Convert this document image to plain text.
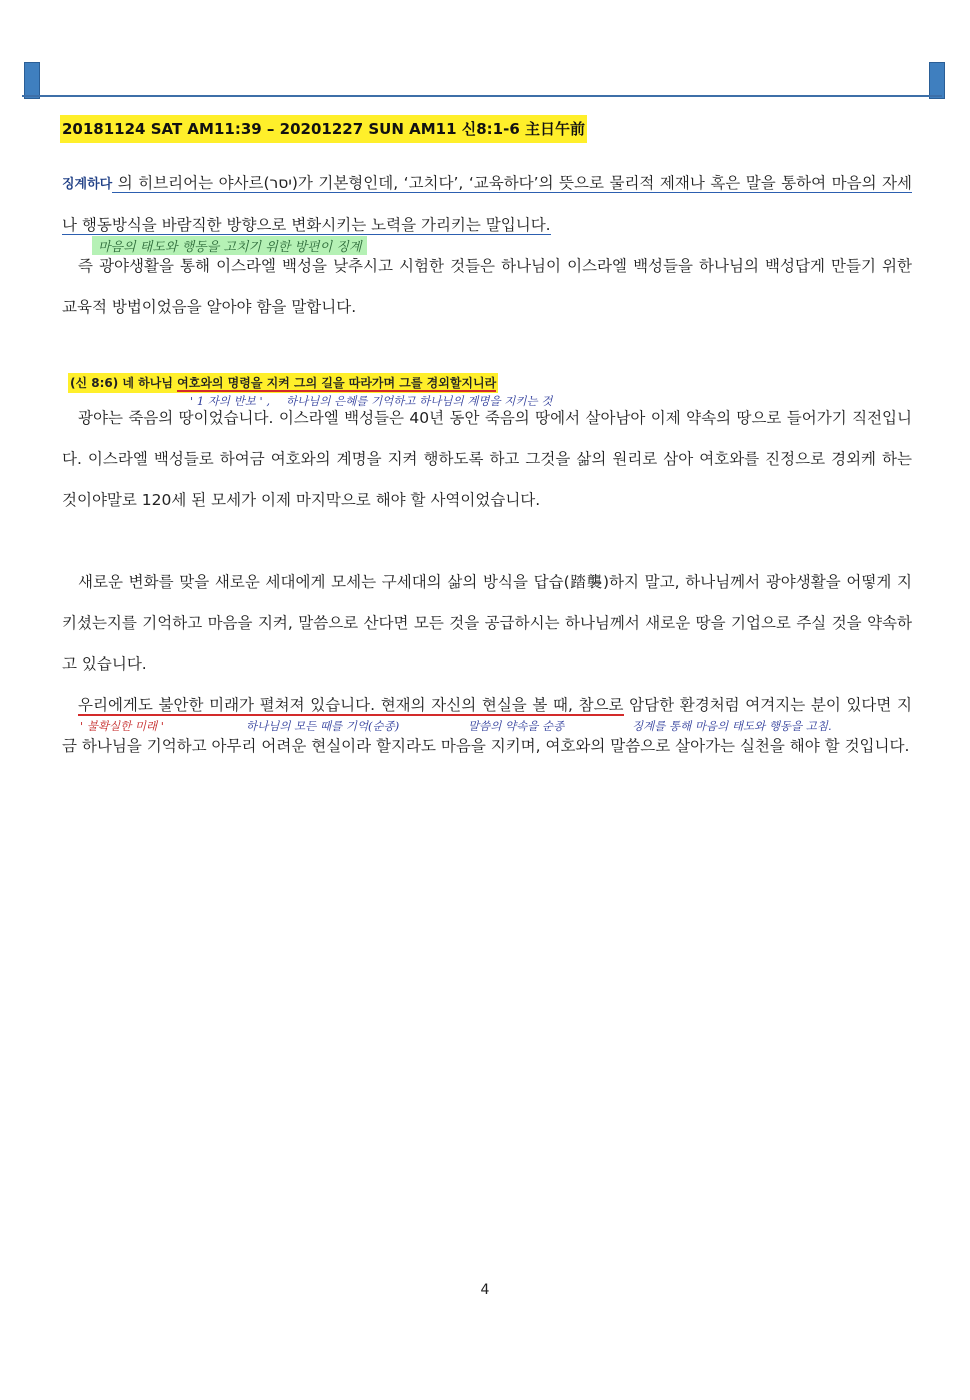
20181124 SAT AM11:39 – 20201227 SUN AM11 신8:1-6 主日午前
징계하다 의 히브리어는 야사르(יסר)가 기본형인데, ‘고치다’, ‘교육하다’의 뜻으로 물리적 제재나 혹은 말을 통하여 마음의 자세나 행동방식을 바람직한 방향으로 변화시키는 노력을 가리키는 말입니다.
마음의 태도와 행동을 고치기 위한 방편이 징계
즉 광야생활을 통해 이스라엘 백성을 낮추시고 시험한 것들은 하나님이 이스라엘 백성들을 하나님의 백성답게 만들기 위한 교육적 방법이었음을 알아야 함을 말합니다.
(신 8:6) 네 하나님 여호와의 명령을 지켜 그의 길을 따라가며 그를 경외할지니라
' 1 자의 반보 ' , 하나님의 은혜를 기억하고 하나님의 계명을 지키는 것
광야는 죽음의 땅이었습니다. 이스라엘 백성들은 40년 동안 죽음의 땅에서 살아남아 이제 약속의 땅으로 들어가기 직전입니다. 이스라엘 백성들로 하여금 여호와의 계명을 지켜 행하도록 하고 그것을 삶의 원리로 삼아 여호와를 진정으로 경외케 하는 것이야말로 120세 된 모세가 이제 마지막으로 해야 할 사역이었습니다.
새로운 변화를 맞을 새로운 세대에게 모세는 구세대의 삶의 방식을 답습(踏襲)하지 말고, 하나님께서 광야생활을 어떻게 지키셨는지를 기억하고 마음을 지켜, 말씀으로 산다면 모든 것을 공급하시는 하나님께서 새로운 땅을 기업으로 주실 것을 약속하고 있습니다.
우리에게도 불안한 미래가 펼쳐져 있습니다. 현재의 자신의 현실을 볼 때, 참으로 암담한 환경처럼 여겨지는 분이 있다면 지금 하나님을 기억하고 아무리 어려운 현실이라 할지라도 마음을 지키며, 여호와의 말씀으로 살아가는 실천을 해야 할 것입니다.
' 불확실한 미래 '	하나님의 모든 때를 기억(순종)	말씀의 약속을 순종	징계를 통해 마음의 태도와 행동을 고침.
4
